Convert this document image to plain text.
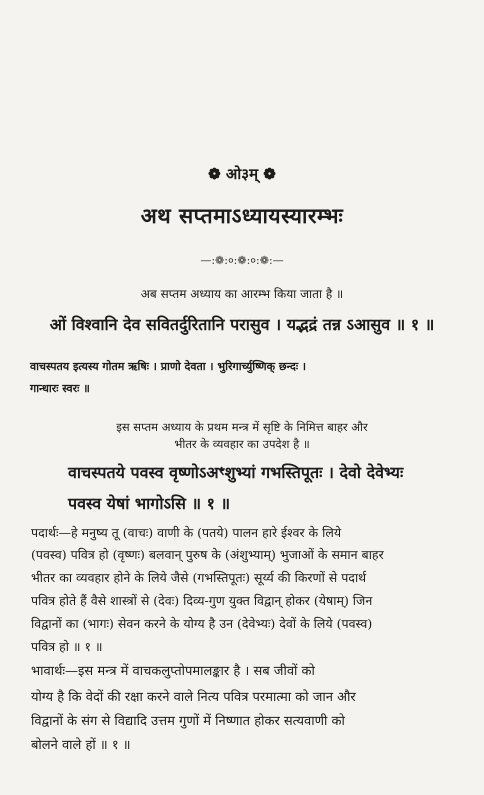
❁ ओ३म् ❁
अथ सप्तमाऽध्यायस्यारम्भः
—:❁:०:❁:०:❁:—
अब सप्तम अध्याय का आरम्भ किया जाता है ॥
ओं विश्वानि देव सवितर्दुरितानि परासुव । यद्भद्रं तन्न ऽआसुव ॥ १ ॥
वाचस्पतय इत्यस्य गोतम ऋषिः । प्राणो देवता । भुरिगार्च्युष्णिक् छन्दः ।
गान्धारः स्वरः ॥
इस सप्तम अध्याय के प्रथम मन्त्र में सृष्टि के निमित्त बाहर और
भीतर के व्यवहार का उपदेश है ॥
वाचस्पतये पवस्व वृष्णोऽअꣳशुभ्यां गभस्तिपूतः । देवो देवेभ्यः
पवस्व येषां भागोऽसि ॥ १ ॥
पदार्थः—हे मनुष्य तू (वाचः) वाणी के (पतये) पालन हारे ईश्वर के लिये
(पवस्व) पवित्र हो (वृष्णः) बलवान् पुरुष के (अंशुभ्याम्) भुजाओं के समान बाहर
भीतर का व्यवहार होने के लिये जैसे (गभस्तिपूतः) सूर्य्य की किरणों से पदार्थ
पवित्र होते हैं वैसे शास्त्रों से (देवः) दिव्य-गुण युक्त विद्वान् होकर (येषाम्) जिन
विद्वानों का (भागः) सेवन करने के योग्य है उन (देवेभ्यः) देवों के लिये (पवस्व)
पवित्र हो ॥ १ ॥
भावार्थः—इस मन्त्र में वाचकलुप्तोपमालङ्कार है । सब जीवों को
योग्य है कि वेदों की रक्षा करने वाले नित्य पवित्र परमात्मा को जान और
विद्वानों के संग से विद्यादि उत्तम गुणों में निष्णात होकर सत्यवाणी को
बोलने वाले हों ॥ १ ॥
